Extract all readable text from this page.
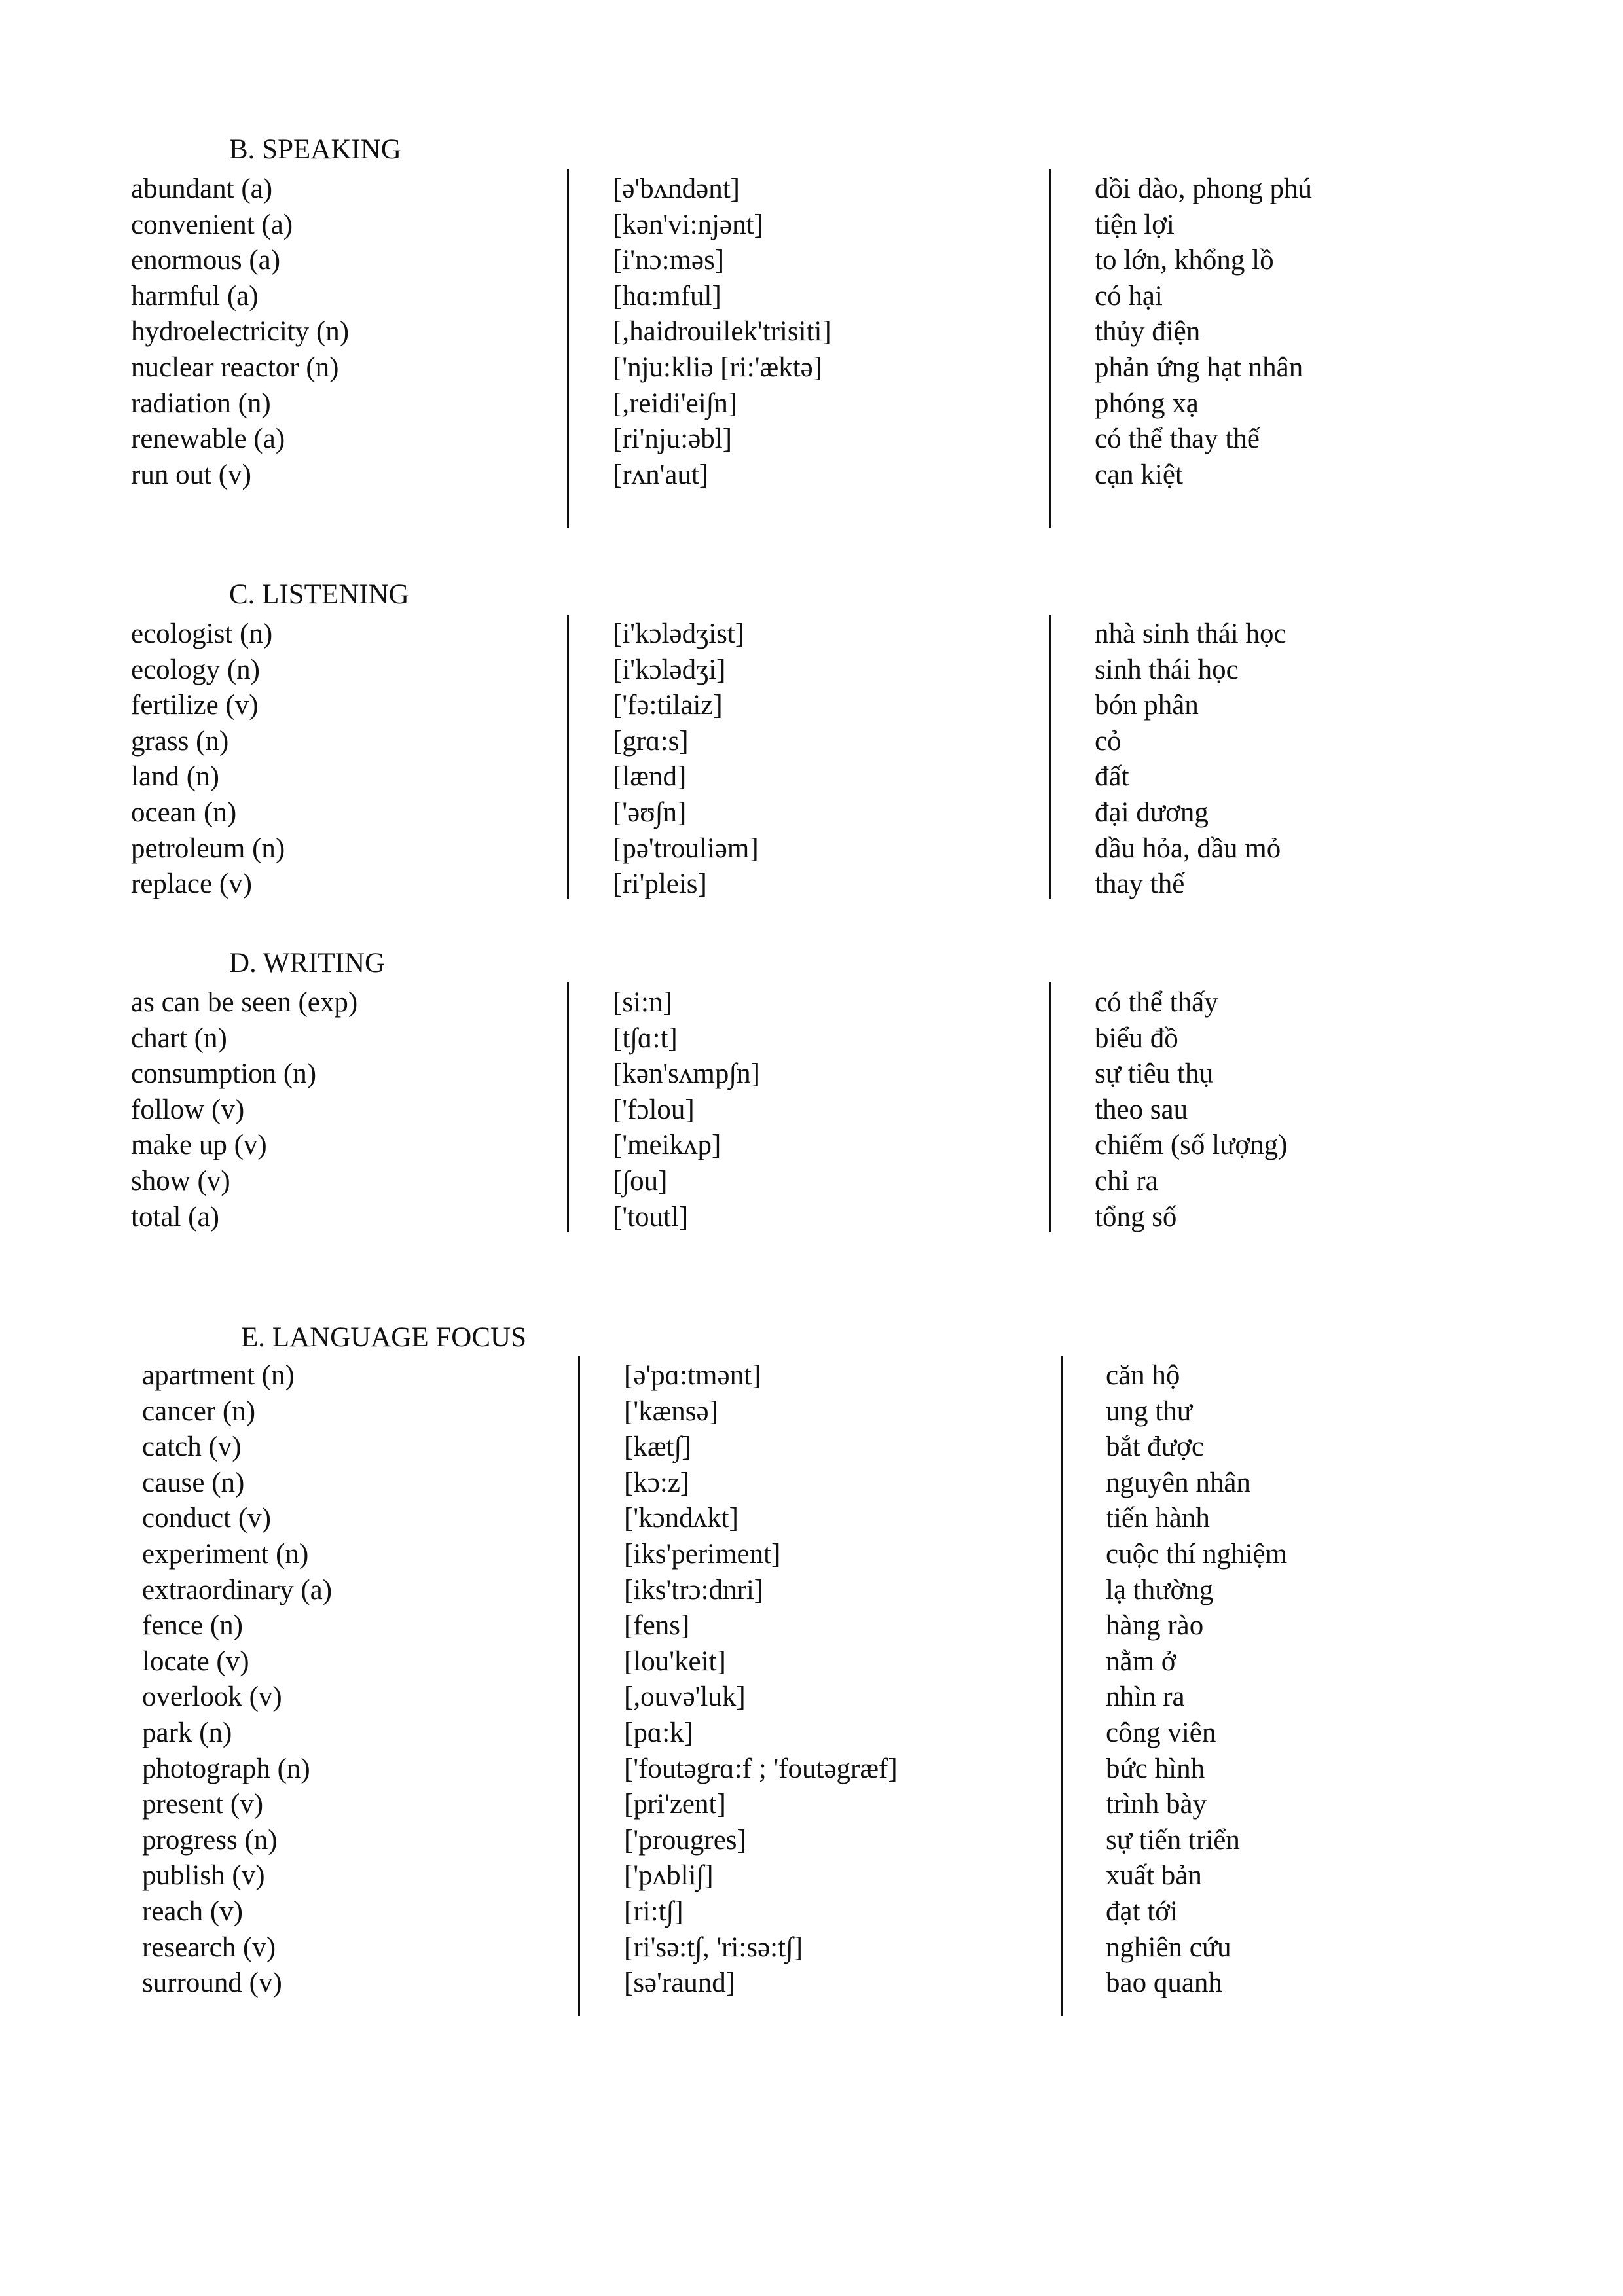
B. SPEAKING
abundant (a)	[ə'bʌndənt]	dồi dào, phong phú
convenient (a)	[kən'vi:njənt]	tiện lợi
enormous (a)	[i'nɔ:məs]	to lớn, khổng lồ
harmful (a)	[hɑ:mful]	có hại
hydroelectricity (n)	[,haidrouilek'trisiti]	thủy điện
nuclear reactor (n)	['nju:kliə [ri:'æktə]	phản ứng hạt nhân
radiation (n)	[,reidi'ei∫n]	phóng xạ
renewable (a)	[ri'nju:əbl]	có thể thay thế
run out (v)	[rʌn'aut]	cạn kiệt
C. LISTENING
ecologist (n)	[i'kɔlədʒist]	nhà sinh thái học
ecology (n)	[i'kɔlədʒi]	sinh thái học
fertilize (v)	['fə:tilaiz]	bón phân
grass (n)	[grɑ:s]	cỏ
land (n)	[lænd]	đất
ocean (n)	['əʊ∫n]	đại dương
petroleum (n)	[pə'trouliəm]	dầu hỏa, dầu mỏ
replace (v)	[ri'pleis]	thay thế
D. WRITING
as can be seen (exp)	[si:n]	có thể thấy
chart (n)	[t∫ɑ:t]	biểu đồ
consumption (n)	[kən'sʌmp∫n]	sự tiêu thụ
follow (v)	['fɔlou]	theo sau
make up (v)	['meikʌp]	chiếm (số lượng)
show (v)	[∫ou]	chỉ ra
total (a)	['toutl]	tổng số
E. LANGUAGE FOCUS
apartment (n)	[ə'pɑ:tmənt]	căn hộ
cancer (n)	['kænsə]	ung thư
catch (v)	[kæt∫]	bắt được
cause (n)	[kɔ:z]	nguyên nhân
conduct (v)	['kɔndʌkt]	tiến hành
experiment (n)	[iks'periment]	cuộc thí nghiệm
extraordinary (a)	[iks'trɔ:dnri]	lạ thường
fence (n)	[fens]	hàng rào
locate (v)	[lou'keit]	nằm ở
overlook (v)	[,ouvə'luk]	nhìn ra
park (n)	[pɑ:k]	công viên
photograph (n)	['foutəgrɑ:f ; 'foutəgræf]	bức hình
present (v)	[pri'zent]	trình bày
progress (n)	['prougres]	sự tiến triển
publish (v)	['pʌbli∫]	xuất bản
reach (v)	[ri:t∫]	đạt tới
research (v)	[ri'sə:t∫, 'ri:sə:t∫]	nghiên cứu
surround (v)	[sə'raund]	bao quanh
